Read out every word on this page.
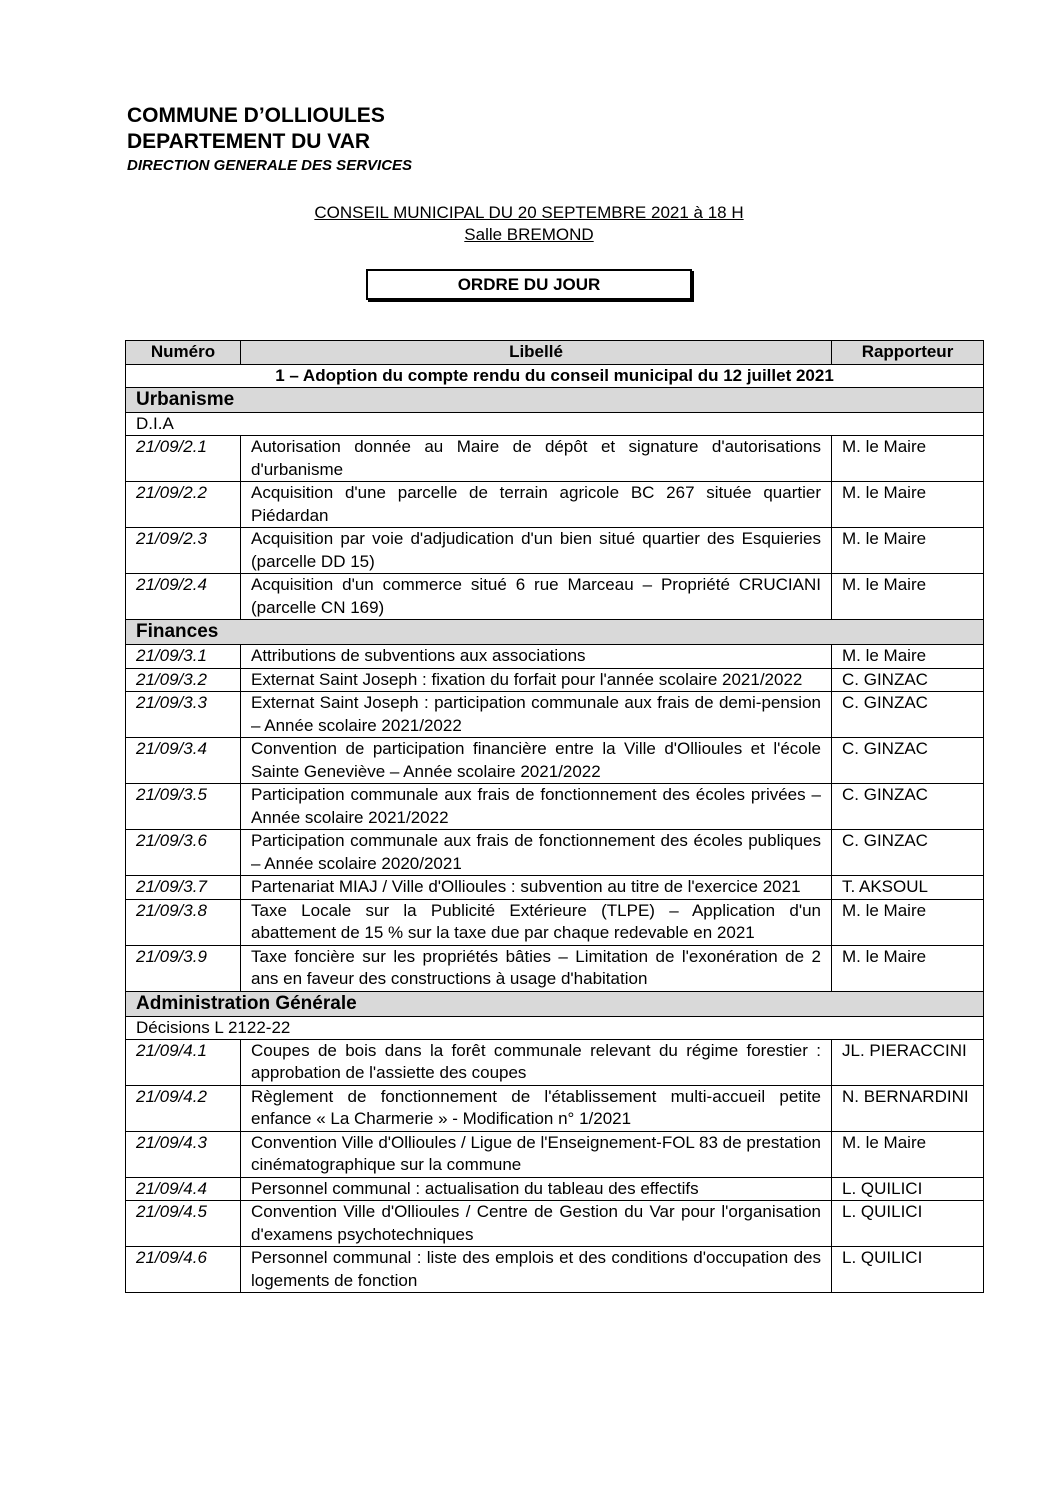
COMMUNE D’OLLIOULES
DEPARTEMENT DU VAR
DIRECTION GENERALE DES SERVICES
CONSEIL MUNICIPAL DU 20 SEPTEMBRE 2021 à 18 H
Salle BREMOND
ORDRE DU JOUR
Numéro	Libellé	Rapporteur
1 – Adoption du compte rendu du conseil municipal du 12 juillet 2021		
Urbanisme		
D.I.A		
21/09/2.1	Autorisation donnée au Maire de dépôt et signature d'autorisations d'urbanisme	M. le Maire
21/09/2.2	Acquisition d'une parcelle de terrain agricole BC 267 située quartier Piédardan	M. le Maire
21/09/2.3	Acquisition par voie d'adjudication d'un bien situé quartier des Esquieries (parcelle DD 15)	M. le Maire
21/09/2.4	Acquisition d'un commerce situé 6 rue Marceau – Propriété CRUCIANI (parcelle CN 169)	M. le Maire
Finances		
21/09/3.1	Attributions de subventions aux associations	M. le Maire
21/09/3.2	Externat Saint Joseph : fixation du forfait pour l'année scolaire 2021/2022	C. GINZAC
21/09/3.3	Externat Saint Joseph : participation communale aux frais de demi-pension – Année scolaire 2021/2022	C. GINZAC
21/09/3.4	Convention de participation financière entre la Ville d'Ollioules et l'école Sainte Geneviève – Année scolaire 2021/2022	C. GINZAC
21/09/3.5	Participation communale aux frais de fonctionnement des écoles privées – Année scolaire 2021/2022	C. GINZAC
21/09/3.6	Participation communale aux frais de fonctionnement des écoles publiques – Année scolaire 2020/2021	C. GINZAC
21/09/3.7	Partenariat MIAJ / Ville d'Ollioules : subvention au titre de l'exercice 2021	T. AKSOUL
21/09/3.8	Taxe Locale sur la Publicité Extérieure (TLPE) – Application d'un abattement de 15 % sur la taxe due par chaque redevable en 2021	M. le Maire
21/09/3.9	Taxe foncière sur les propriétés bâties – Limitation de l'exonération de 2 ans en faveur des constructions à usage d'habitation	M. le Maire
Administration Générale		
Décisions L 2122-22		
21/09/4.1	Coupes de bois dans la forêt communale relevant du régime forestier : approbation de l'assiette des coupes	JL. PIERACCINI
21/09/4.2	Règlement de fonctionnement de l'établissement multi-accueil petite enfance « La Charmerie » - Modification n° 1/2021	N. BERNARDINI
21/09/4.3	Convention Ville d'Ollioules / Ligue de l'Enseignement-FOL 83 de prestation cinématographique sur la commune	M. le Maire
21/09/4.4	Personnel communal : actualisation du tableau des effectifs	L. QUILICI
21/09/4.5	Convention Ville d'Ollioules / Centre de Gestion du Var pour l'organisation d'examens psychotechniques	L. QUILICI
21/09/4.6	Personnel communal : liste des emplois et des conditions d'occupation des logements de fonction	L. QUILICI
